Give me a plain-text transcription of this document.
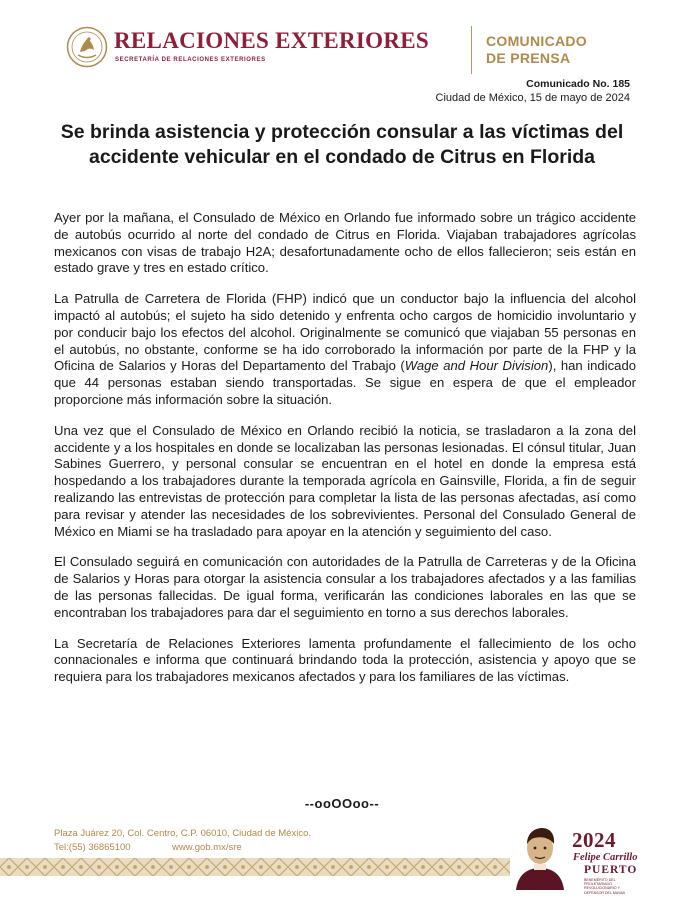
RELACIONES EXTERIORES
SECRETARÍA DE RELACIONES EXTERIORES
COMUNICADO
DE PRENSA
Comunicado No. 185
Ciudad de México, 15 de mayo de 2024
Se brinda asistencia y protección consular a las víctimas del accidente vehicular en el condado de Citrus en Florida

Ayer por la mañana, el Consulado de México en Orlando fue informado sobre un trágico accidente de autobús ocurrido al norte del condado de Citrus en Florida. Viajaban trabajadores agrícolas mexicanos con visas de trabajo H2A; desafortunadamente ocho de ellos fallecieron; seis están en estado grave y tres en estado crítico.

La Patrulla de Carretera de Florida (FHP) indicó que un conductor bajo la influencia del alcohol impactó al autobús; el sujeto ha sido detenido y enfrenta ocho cargos de homicidio involuntario y por conducir bajo los efectos del alcohol. Originalmente se comunicó que viajaban 55 personas en el autobús, no obstante, conforme se ha ido corroborado la información por parte de la FHP y la Oficina de Salarios y Horas del Departamento del Trabajo (Wage and Hour Division), han indicado que 44 personas estaban siendo transportadas. Se sigue en espera de que el empleador proporcione más información sobre la situación.

Una vez que el Consulado de México en Orlando recibió la noticia, se trasladaron a la zona del accidente y a los hospitales en donde se localizaban las personas lesionadas. El cónsul titular, Juan Sabines Guerrero, y personal consular se encuentran en el hotel en donde la empresa está hospedando a los trabajadores durante la temporada agrícola en Gainsville, Florida, a fin de seguir realizando las entrevistas de protección para completar la lista de las personas afectadas, así como para revisar y atender las necesidades de los sobrevivientes. Personal del Consulado General de México en Miami se ha trasladado para apoyar en la atención y seguimiento del caso.

El Consulado seguirá en comunicación con autoridades de la Patrulla de Carreteras y de la Oficina de Salarios y Horas para otorgar la asistencia consular a los trabajadores afectados y a las familias de las personas fallecidas. De igual forma, verificarán las condiciones laborales en las que se encontraban los trabajadores para dar el seguimiento en torno a sus derechos laborales.

La Secretaría de Relaciones Exteriores lamenta profundamente el fallecimiento de los ocho connacionales e informa que continuará brindando toda la protección, asistencia y apoyo que se requiera para los trabajadores mexicanos afectados y para los familiares de las víctimas.

--ooOOoo--
Plaza Juárez 20, Col. Centro, C.P. 06010, Ciudad de México.
Tel:(55) 36865100	www.gob.mx/sre	2024
Felipe Carrillo
PUERTO
BENEMÉRITO DEL PROLETARIADO, REVOLUCIONARIO Y DEFENSOR DEL MAYAB
